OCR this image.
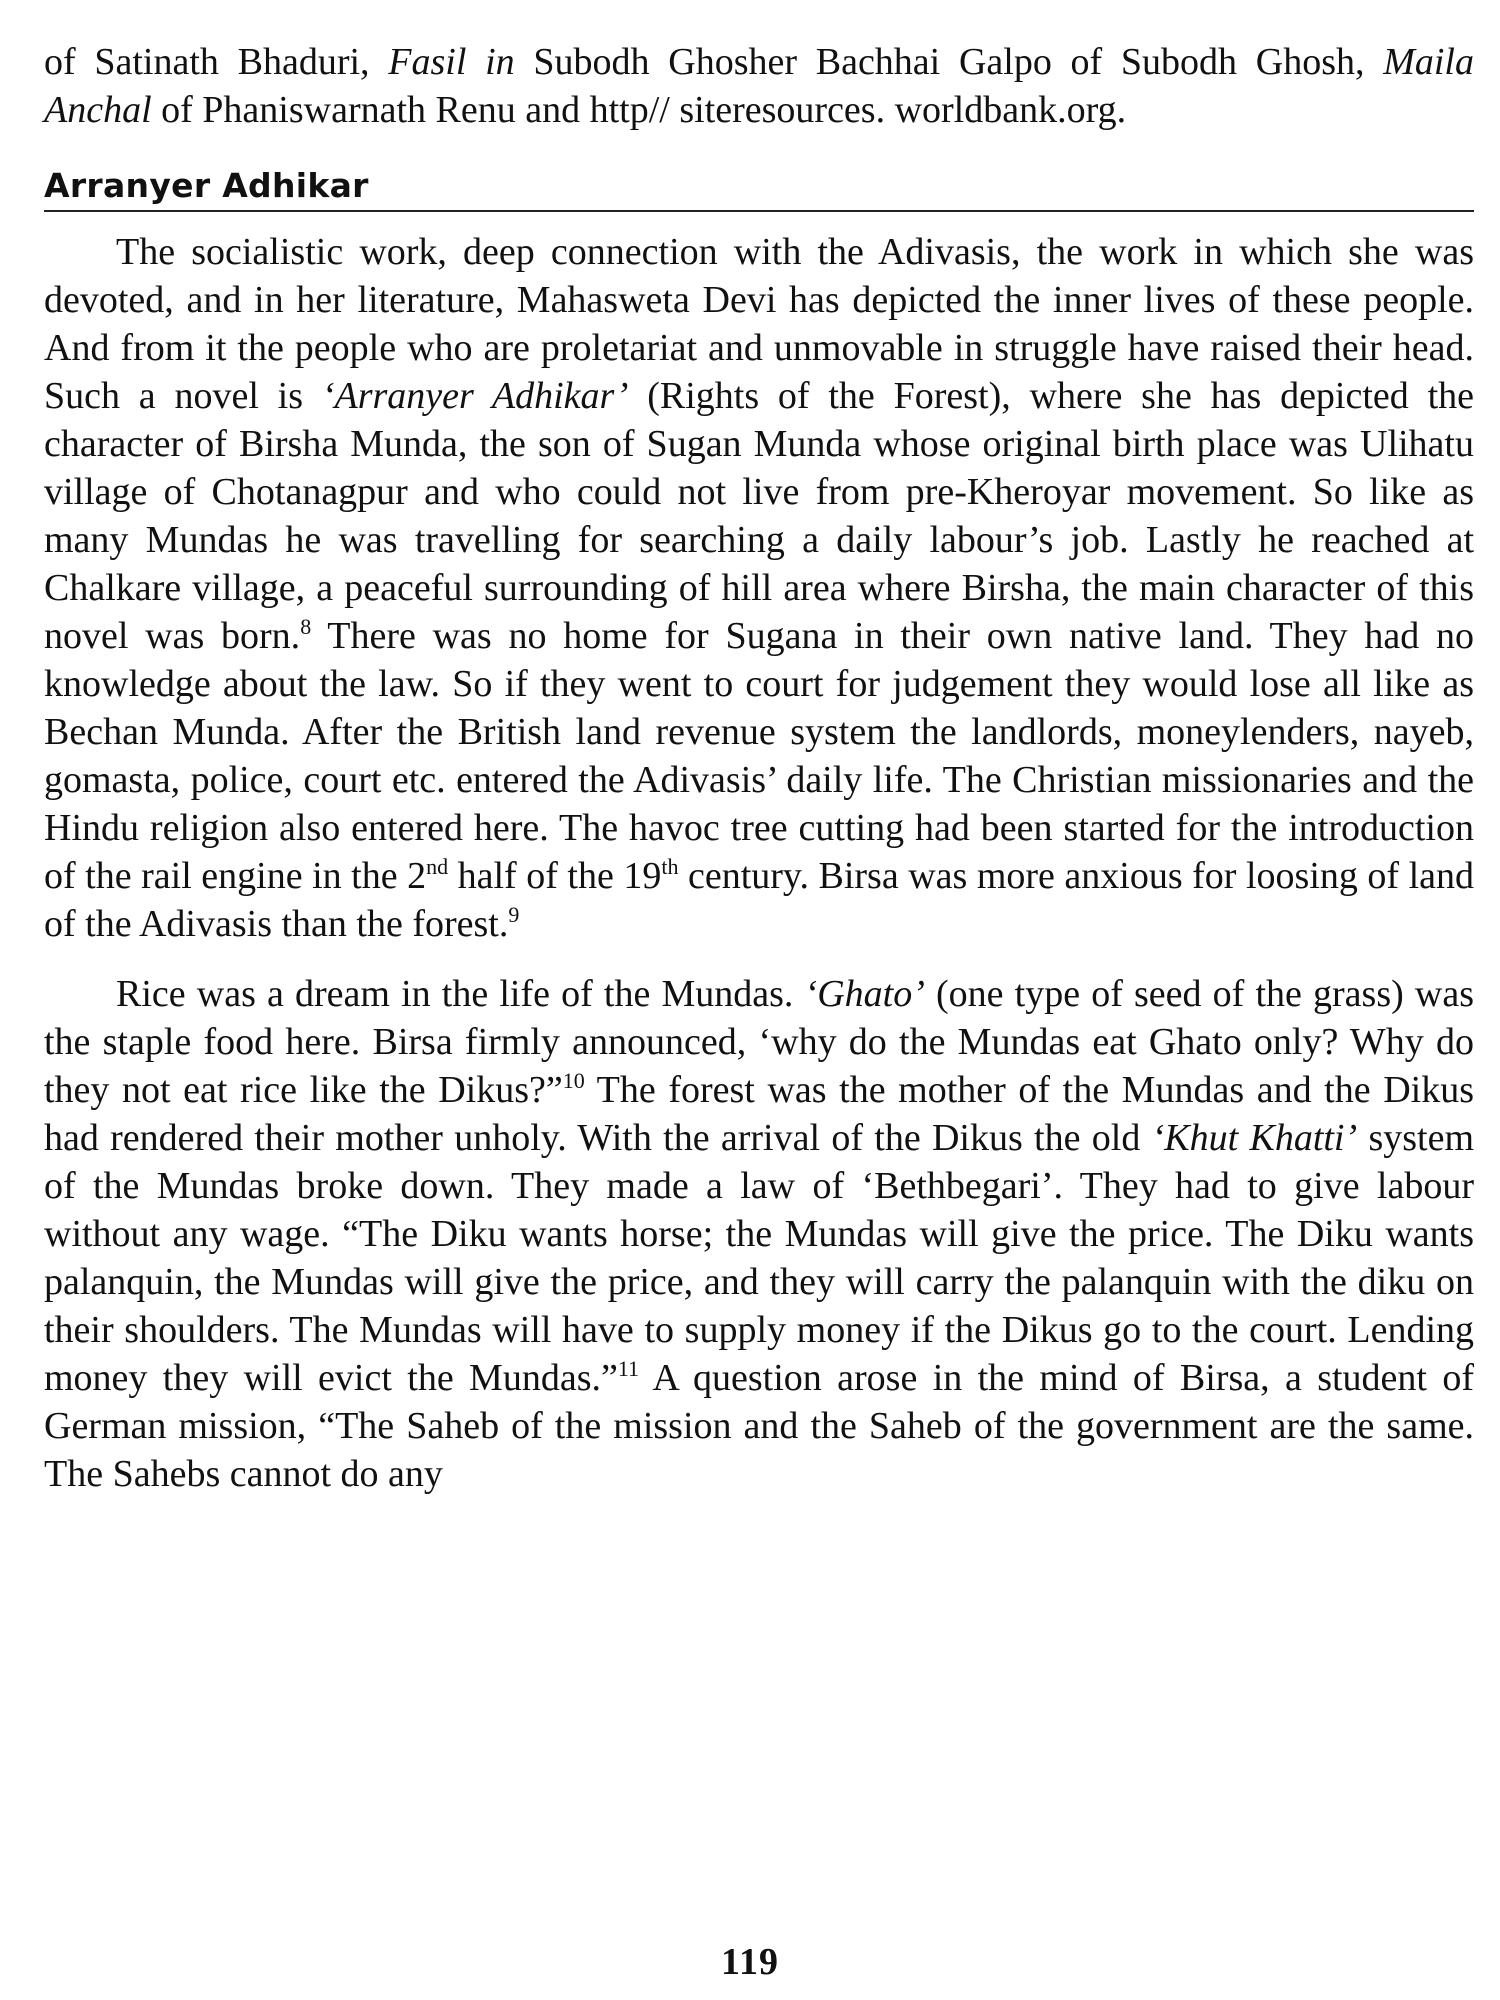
of Satinath Bhaduri, Fasil in Subodh Ghosher Bachhai Galpo of Subodh Ghosh, Maila Anchal of Phaniswarnath Renu and http// siteresources. worldbank.org.

Arranyer Adhikar

The socialistic work, deep connection with the Adivasis, the work in which she was devoted, and in her literature, Mahasweta Devi has depicted the inner lives of these people. And from it the people who are proletariat and unmovable in struggle have raised their head. Such a novel is ‘Arranyer Adhikar’ (Rights of the Forest), where she has depicted the character of Birsha Munda, the son of Sugan Munda whose original birth place was Ulihatu village of Chotanagpur and who could not live from pre-Kheroyar movement. So like as many Mundas he was travelling for searching a daily labour’s job. Lastly he reached at Chalkare village, a peaceful surrounding of hill area where Birsha, the main character of this novel was born.$^8$ There was no home for Sugana in their own native land. They had no knowledge about the law. So if they went to court for judgement they would lose all like as Bechan Munda. After the British land revenue system the landlords, moneylenders, nayeb, gomasta, police, court etc. entered the Adivasis’ daily life. The Christian missionaries and the Hindu religion also entered here. The havoc tree cutting had been started for the introduction of the rail engine in the 2nd half of the 19th century. Birsa was more anxious for loosing of land of the Adivasis than the forest.$^9$

Rice was a dream in the life of the Mundas. ‘Ghato’ (one type of seed of the grass) was the staple food here. Birsa firmly announced, ‘why do the Mundas eat Ghato only? Why do they not eat rice like the Dikus?”$^{10}$ The forest was the mother of the Mundas and the Dikus had rendered their mother unholy. With the arrival of the Dikus the old ‘Khut Khatti’ system of the Mundas broke down. They made a law of ‘Bethbegari’. They had to give labour without any wage. “The Diku wants horse; the Mundas will give the price. The Diku wants palanquin, the Mundas will give the price, and they will carry the palanquin with the diku on their shoulders. The Mundas will have to supply money if the Dikus go to the court. Lending money they will evict the Mundas.”$^{11}$ A question arose in the mind of Birsa, a student of German mission, “The Saheb of the mission and the Saheb of the government are the same. The Sahebs cannot do any

119
